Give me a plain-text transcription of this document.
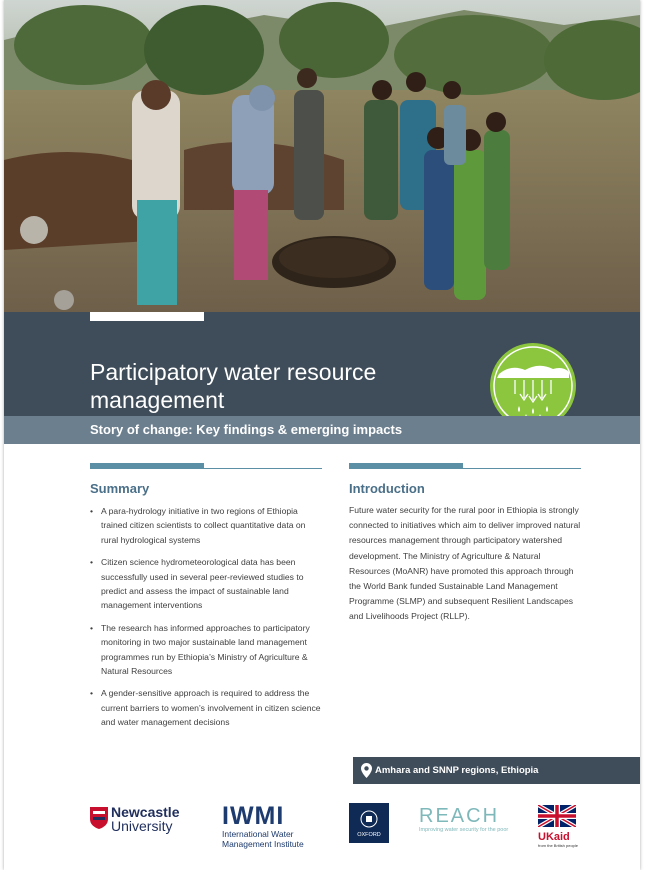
Participatory water resource management
Story of change: Key findings & emerging impacts
Summary
• A para-hydrology initiative in two regions of Ethiopia trained citizen scientists to collect quantitative data on rural hydrological systems
• Citizen science hydrometeorological data has been successfully used in several peer-reviewed studies to predict and assess the impact of sustainable land management interventions
• The research has informed approaches to participatory monitoring in two major sustainable land management programmes run by Ethiopia’s Ministry of Agriculture & Natural Resources
• A gender-sensitive approach is required to address the current barriers to women’s involvement in citizen science and water management decisions
Introduction

Future water security for the rural poor in Ethiopia is strongly connected to initiatives which aim to deliver improved natural resources management through participatory watershed development. The Ministry of Agriculture & Natural Resources (MoANR) have promoted this approach through the World Bank funded Sustainable Land Management Programme (SLMP) and subsequent Resilient Landscapes and Livelihoods Project (RLLP).

Amhara and SNNP regions, Ethiopia
Newcastle
University IWMI
International Water
Management Institute
OXFORD
REACH
Improving water security for the poor
UKaid
from the British people
